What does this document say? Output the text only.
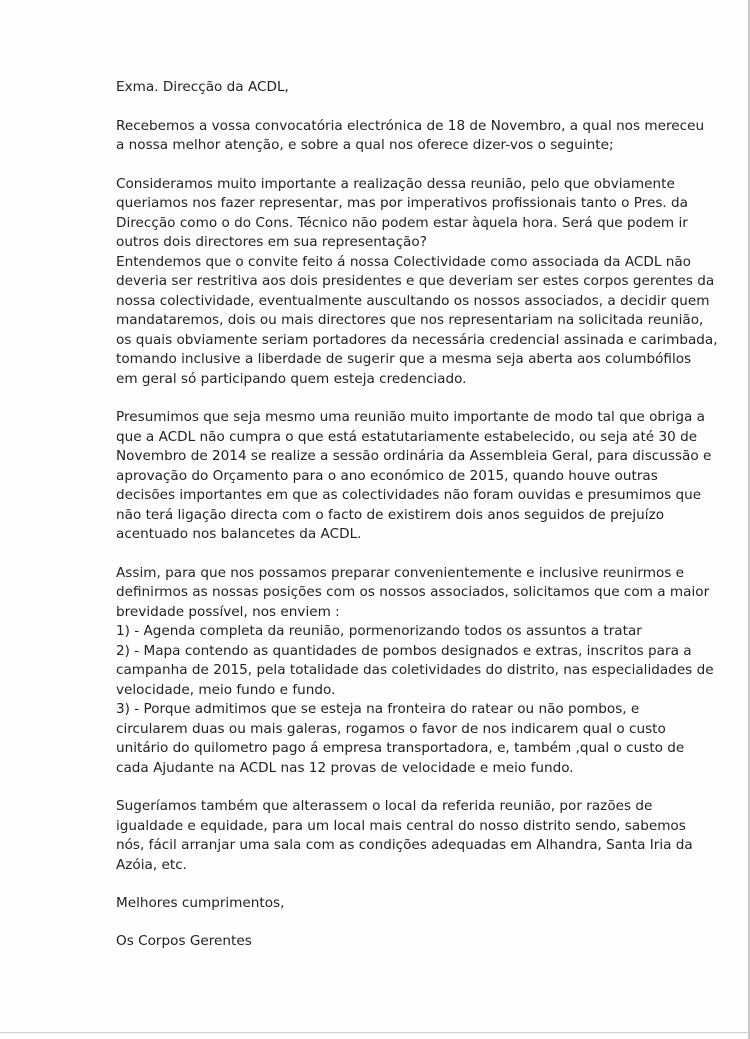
Exma. Direcção da ACDL,
Recebemos a vossa convocatória electrónica de 18 de Novembro, a qual nos mereceu
a nossa melhor atenção, e sobre a qual nos oferece dizer-vos o seguinte;
Consideramos muito importante a realização dessa reunião, pelo que obviamente
queriamos nos fazer representar, mas por imperativos profissionais tanto o Pres. da
Direcção como o do Cons. Técnico não podem estar àquela hora. Será que podem ir
outros dois directores em sua representação?
Entendemos que o convite feito á nossa Colectividade como associada da ACDL não
deveria ser restritiva aos dois presidentes e que deveriam ser estes corpos gerentes da
nossa colectividade, eventualmente auscultando os nossos associados, a decidir quem
mandataremos, dois ou mais directores que nos representariam na solicitada reunião,
os quais obviamente seriam portadores da necessária credencial assinada e carimbada,
tomando inclusive a liberdade de sugerir que a mesma seja aberta aos columbófilos
em geral só participando quem esteja credenciado.
Presumimos que seja mesmo uma reunião muito importante de modo tal que obriga a
que a ACDL não cumpra o que está estatutariamente estabelecido, ou seja até 30 de
Novembro de 2014 se realize a sessão ordinária da Assembleia Geral, para discussão e
aprovação do Orçamento para o ano económico de 2015, quando houve outras
decisões importantes em que as colectividades não foram ouvidas e presumimos que
não terá ligação directa com o facto de existirem dois anos seguidos de prejuízo
acentuado nos balancetes da ACDL.
Assim, para que nos possamos preparar convenientemente e inclusive reunirmos e
definirmos as nossas posições com os nossos associados, solicitamos que com a maior
brevidade possível, nos enviem :
1) - Agenda completa da reunião, pormenorizando todos os assuntos a tratar
2) - Mapa contendo as quantidades de pombos designados e extras, inscritos para a
campanha de 2015, pela totalidade das coletividades do distrito, nas especialidades de
velocidade, meio fundo e fundo.
3) - Porque admitimos que se esteja na fronteira do ratear ou não pombos, e
circularem duas ou mais galeras, rogamos o favor de nos indicarem qual o custo
unitário do quilometro pago á empresa transportadora, e, também ,qual o custo de
cada Ajudante na ACDL nas 12 provas de velocidade e meio fundo.
Sugeríamos também que alterassem o local da referida reunião, por razões de
igualdade e equidade, para um local mais central do nosso distrito sendo, sabemos
nós, fácil arranjar uma sala com as condições adequadas em Alhandra, Santa Iria da
Azóia, etc.
Melhores cumprimentos,
Os Corpos Gerentes
